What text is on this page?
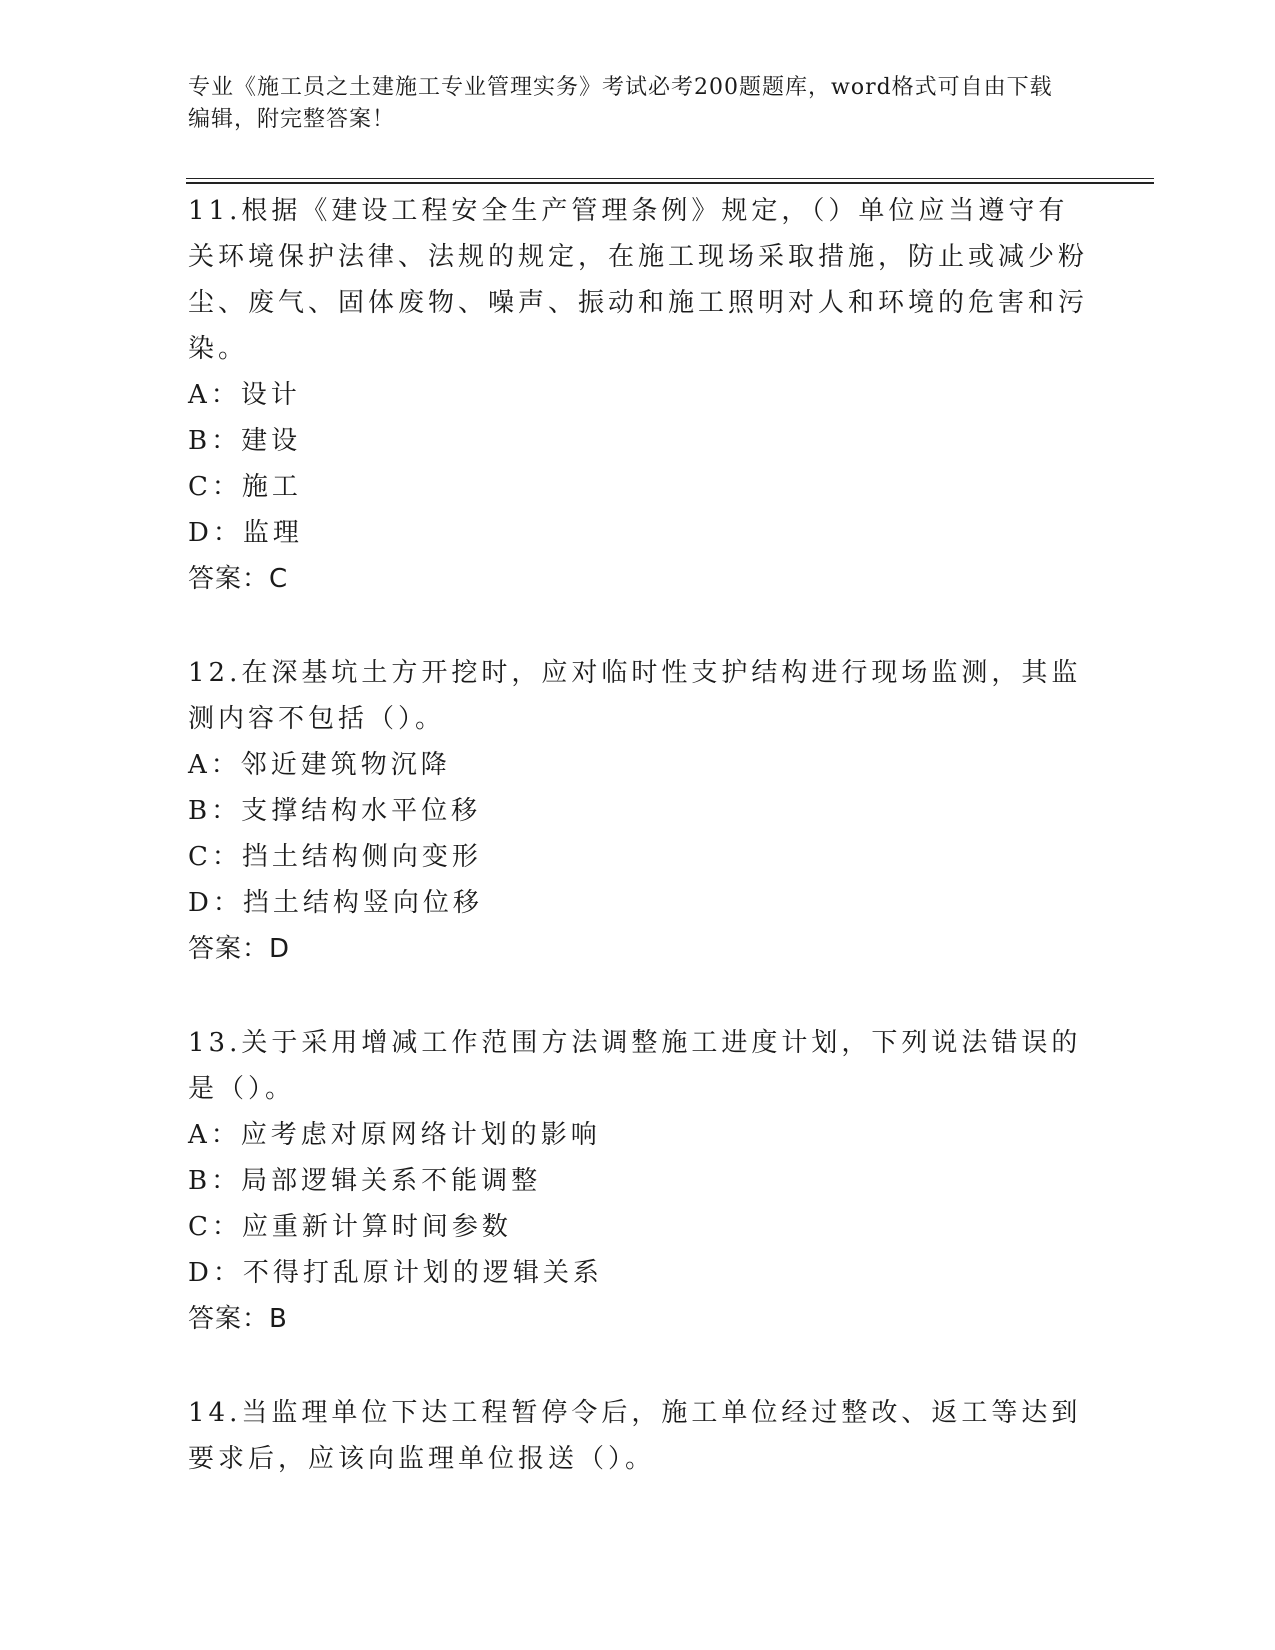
专业《施工员之土建施工专业管理实务》考试必考200题题库，word格式可自由下载编辑，附完整答案！

11.根据《建设工程安全生产管理条例》规定，（）单位应当遵守有关环境保护法律、法规的规定，在施工现场采取措施，防止或减少粉尘、废气、固体废物、噪声、振动和施工照明对人和环境的危害和污染。

A：设计

B：建设

C：施工

D：监理

答案：C

12.在深基坑土方开挖时，应对临时性支护结构进行现场监测，其监测内容不包括（）。

A：邻近建筑物沉降

B：支撑结构水平位移

C：挡土结构侧向变形

D：挡土结构竖向位移

答案：D

13.关于采用增减工作范围方法调整施工进度计划，下列说法错误的是（）。

A：应考虑对原网络计划的影响

B：局部逻辑关系不能调整

C：应重新计算时间参数

D：不得打乱原计划的逻辑关系

答案：B

14.当监理单位下达工程暂停令后，施工单位经过整改、返工等达到要求后，应该向监理单位报送（）。
